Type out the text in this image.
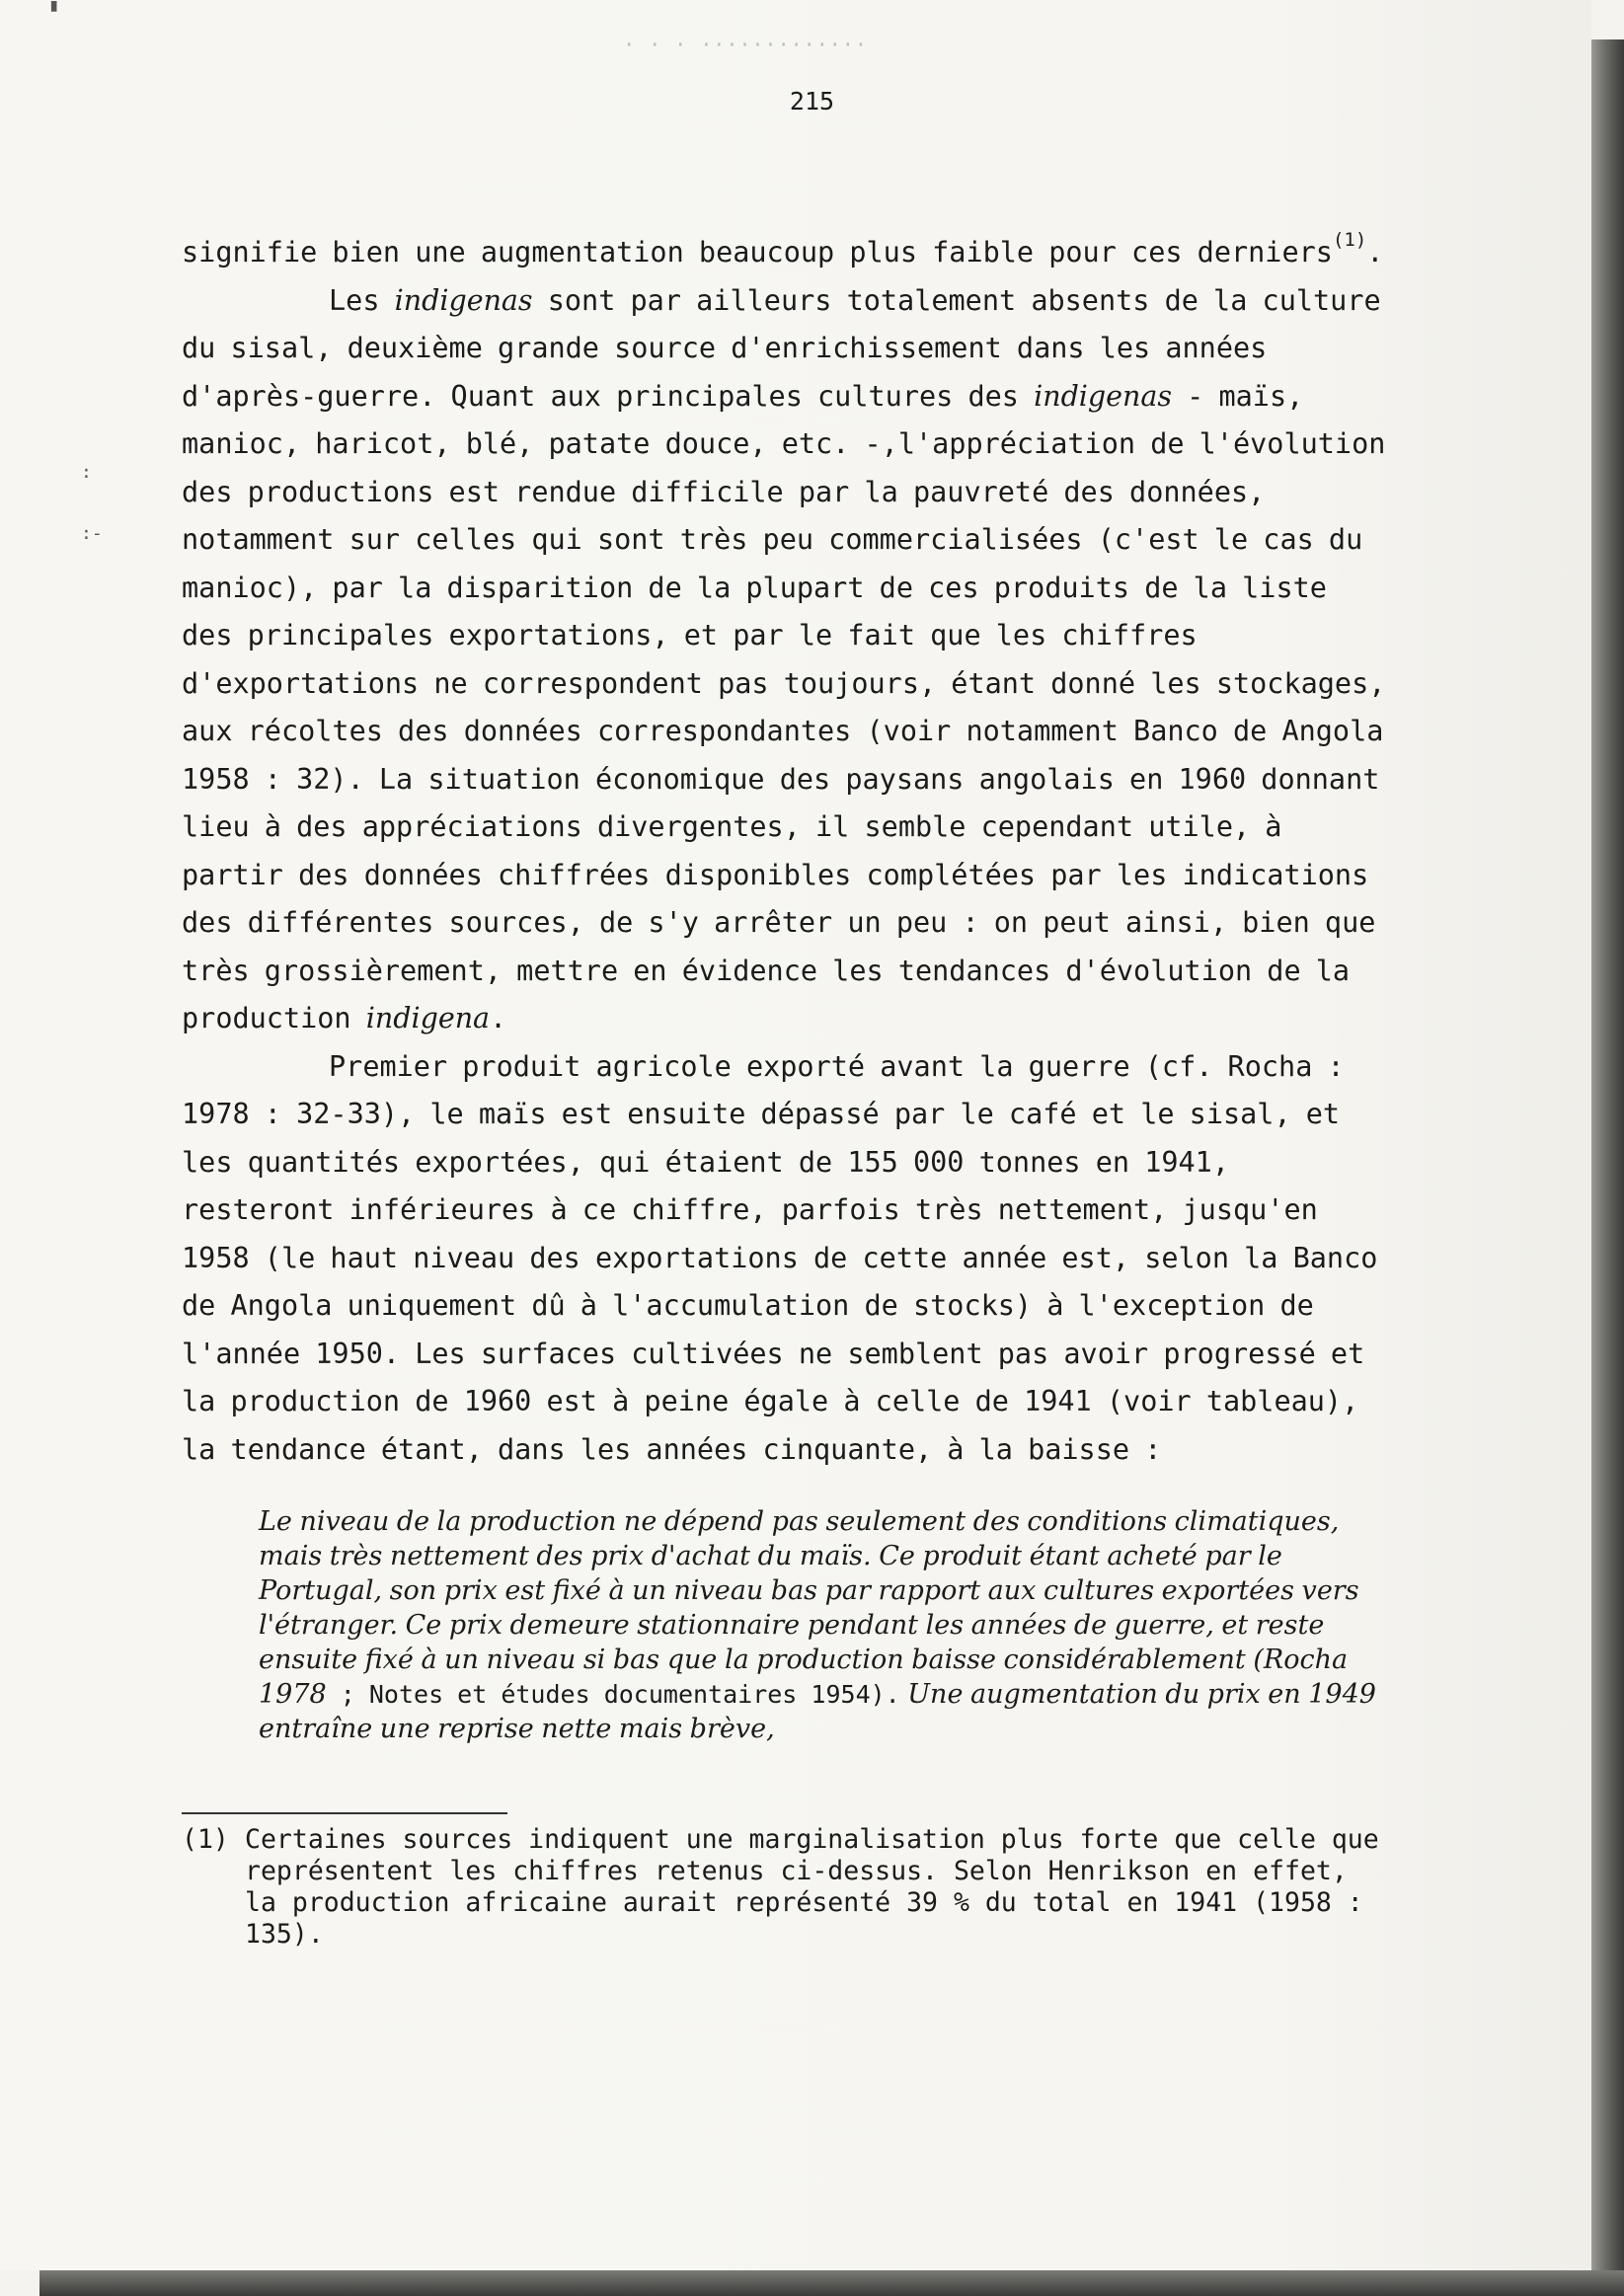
▘
:
:-
· · · ·············
215

signifie bien une augmentation beaucoup plus faible pour ces derniers$^{(1)}$.

Les indigenas sont par ailleurs totalement absents de la culture du sisal, deuxième grande source d'enrichissement dans les années d'après-guerre. Quant aux principales cultures des indigenas - maïs, manioc, haricot, blé, patate douce, etc. -,l'appréciation de l'évolution des productions est rendue difficile par la pauvreté des données, notamment sur celles qui sont très peu commercialisées (c'est le cas du manioc), par la disparition de la plupart de ces produits de la liste des principales exportations, et par le fait que les chiffres d'exportations ne correspondent pas toujours, étant donné les stockages, aux récoltes des données correspondantes (voir notamment Banco de Angola 1958 : 32). La situation économique des paysans angolais en 1960 donnant lieu à des appréciations divergentes, il semble cependant utile, à partir des données chiffrées disponibles complétées par les indications des différentes sources, de s'y arrêter un peu : on peut ainsi, bien que très grossièrement, mettre en évidence les tendances d'évolution de la production indigena.

Premier produit agricole exporté avant la guerre (cf. Rocha : 1978 : 32-33), le maïs est ensuite dépassé par le café et le sisal, et les quantités exportées, qui étaient de 155 000 tonnes en 1941, resteront inférieures à ce chiffre, parfois très nettement, jusqu'en 1958 (le haut niveau des exportations de cette année est, selon la Banco de Angola uniquement dû à l'accumulation de stocks) à l'exception de l'année 1950. Les surfaces cultivées ne semblent pas avoir progressé et la production de 1960 est à peine égale à celle de 1941 (voir tableau), la tendance étant, dans les années cinquante, à la baisse :

Le niveau de la production ne dépend pas seulement des conditions climatiques, mais très nettement des prix d'achat du maïs. Ce produit étant acheté par le Portugal, son prix est fixé à un niveau bas par rapport aux cultures exportées vers l'étranger. Ce prix demeure stationnaire pendant les années de guerre, et reste ensuite fixé à un niveau si bas que la production baisse considérablement (Rocha 1978 ; Notes et études documentaires 1954). Une augmentation du prix en 1949 entraîne une reprise nette mais brève,
(1) Certaines sources indiquent une marginalisation plus forte que celle que représentent les chiffres retenus ci-dessus. Selon Henrikson en effet, la production africaine aurait représenté 39 % du total en 1941 (1958 : 135).
